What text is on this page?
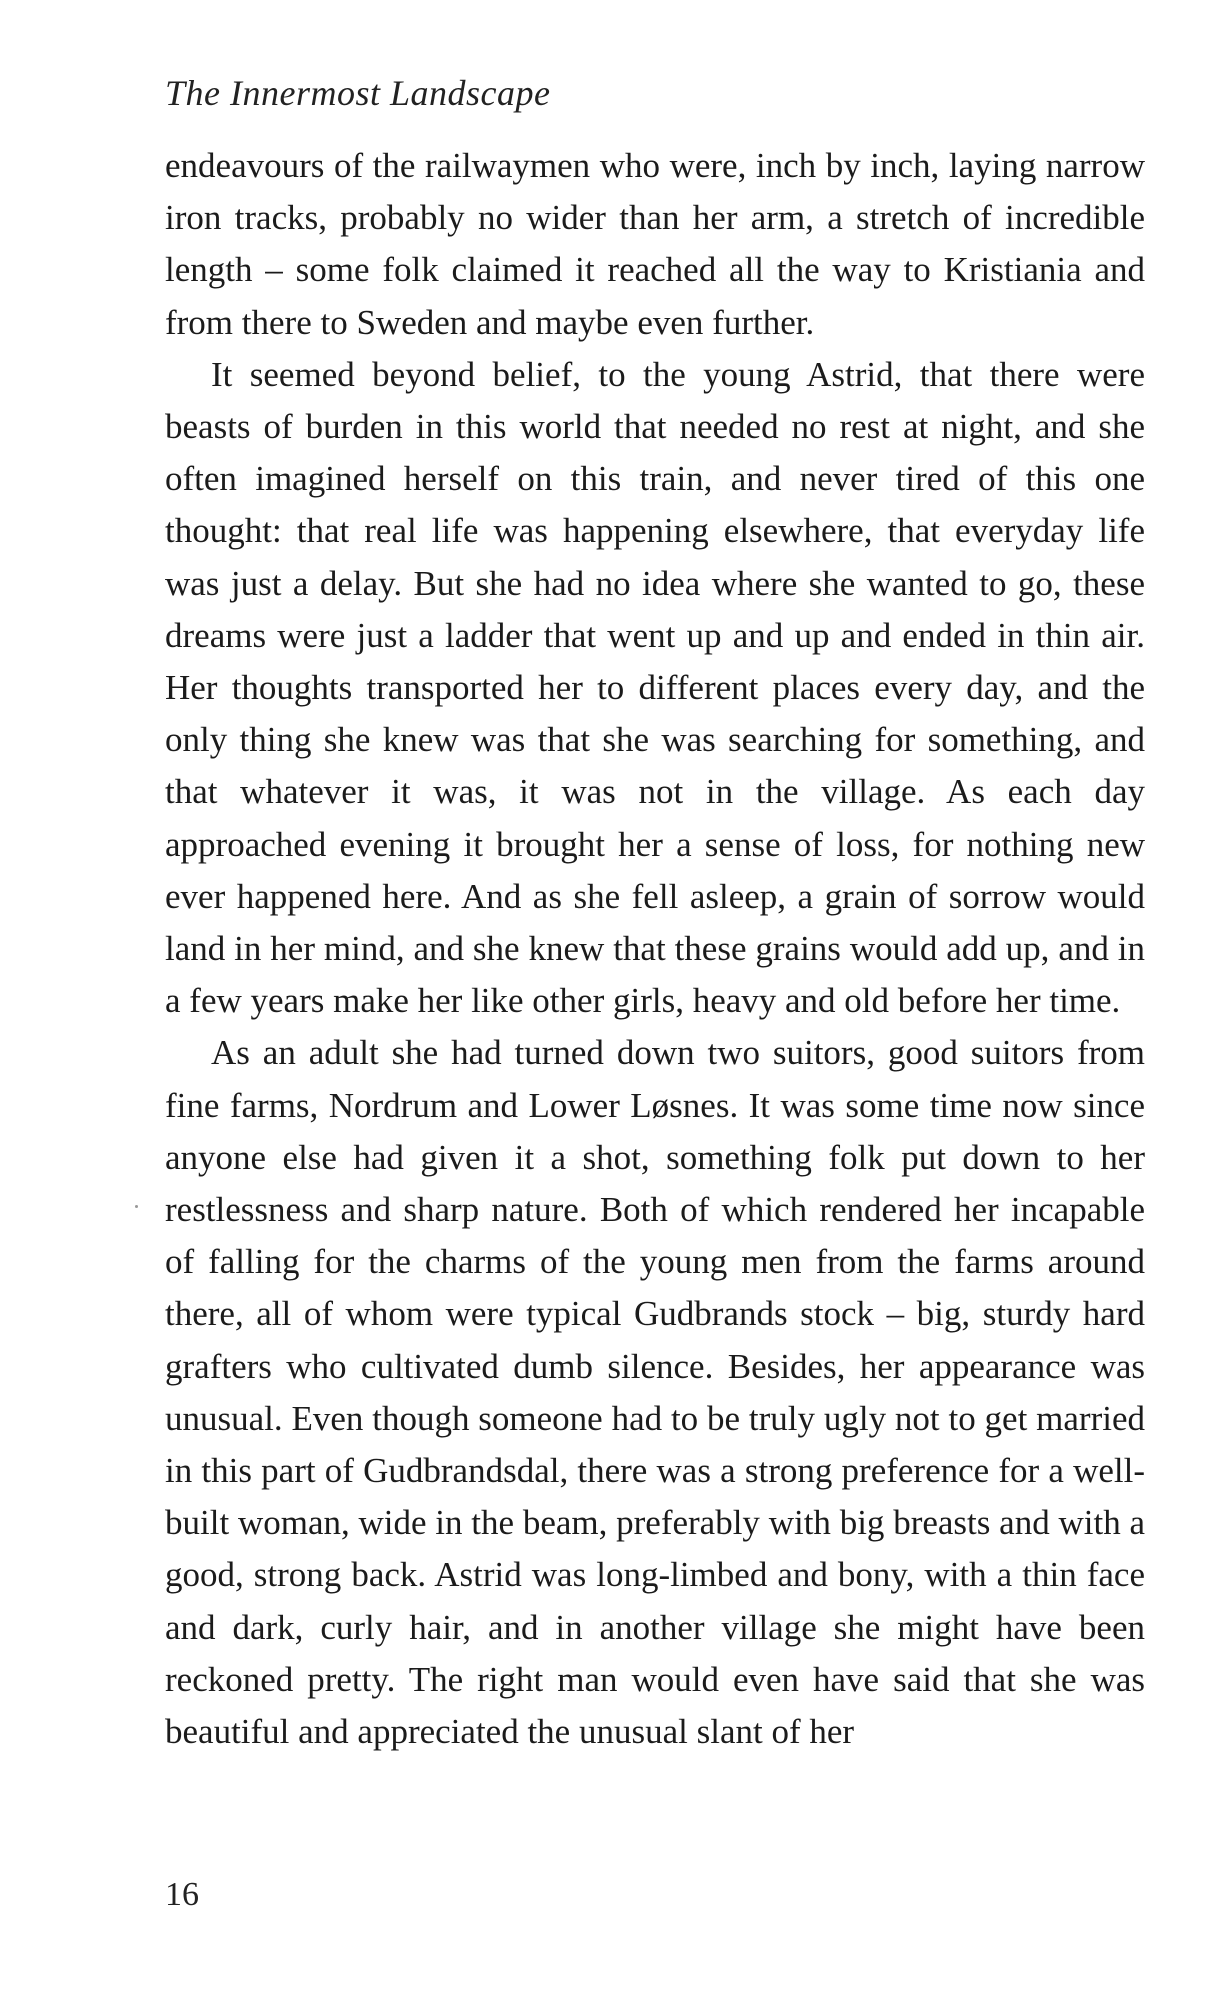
The Innermost Landscape

endeavours of the railwaymen who were, inch by inch, laying narrow iron tracks, probably no wider than her arm, a stretch of incredible length – some folk claimed it reached all the way to Kristiania and from there to Sweden and maybe even further.

It seemed beyond belief, to the young Astrid, that there were beasts of burden in this world that needed no rest at night, and she often imagined herself on this train, and never tired of this one thought: that real life was happening elsewhere, that everyday life was just a delay. But she had no idea where she wanted to go, these dreams were just a ladder that went up and up and ended in thin air. Her thoughts transported her to different places every day, and the only thing she knew was that she was searching for something, and that whatever it was, it was not in the village. As each day approached evening it brought her a sense of loss, for nothing new ever happened here. And as she fell asleep, a grain of sorrow would land in her mind, and she knew that these grains would add up, and in a few years make her like other girls, heavy and old before her time.

As an adult she had turned down two suitors, good suitors from fine farms, Nordrum and Lower Løsnes. It was some time now since anyone else had given it a shot, something folk put down to her restlessness and sharp nature. Both of which rendered her incapable of falling for the charms of the young men from the farms around there, all of whom were typical Gudbrands stock – big, sturdy hard grafters who cultivated dumb silence. Besides, her appearance was unusual. Even though someone had to be truly ugly not to get married in this part of Gudbrandsdal, there was a strong preference for a well-built woman, wide in the beam, preferably with big breasts and with a good, strong back. Astrid was long-limbed and bony, with a thin face and dark, curly hair, and in another village she might have been reckoned pretty. The right man would even have said that she was beautiful and appreciated the unusual slant of her

16
